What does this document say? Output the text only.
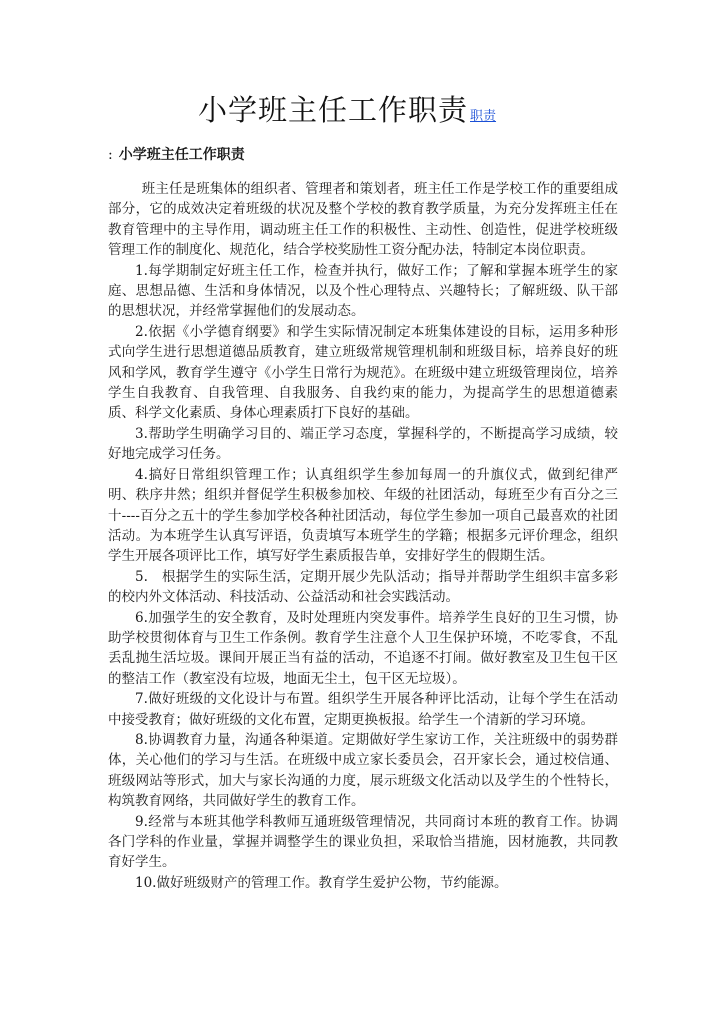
小学班主任工作职责 职责
: 小学班主任工作职责

班主任是班集体的组织者、管理者和策划者，班主任工作是学校工作的重要组成部分，它的成效决定着班级的状况及整个学校的教育教学质量，为充分发挥班主任在教育管理中的主导作用，调动班主任工作的积极性、主动性、创造性，促进学校班级管理工作的制度化、规范化，结合学校奖励性工资分配办法，特制定本岗位职责。

1.每学期制定好班主任工作，检查并执行，做好工作；了解和掌握本班学生的家庭、思想品德、生活和身体情况，以及个性心理特点、兴趣特长；了解班级、队干部的思想状况，并经常掌握他们的发展动态。

2.依据《小学德育纲要》和学生实际情况制定本班集体建设的目标，运用多种形式向学生进行思想道德品质教育，建立班级常规管理机制和班级目标，培养良好的班风和学风，教育学生遵守《小学生日常行为规范》。在班级中建立班级管理岗位，培养学生自我教育、自我管理、自我服务、自我约束的能力，为提高学生的思想道德素质、科学文化素质、身体心理素质打下良好的基础。

3.帮助学生明确学习目的、端正学习态度，掌握科学的，不断提高学习成绩，较好地完成学习任务。

4.搞好日常组织管理工作；认真组织学生参加每周一的升旗仪式，做到纪律严明、秩序井然；组织并督促学生积极参加校、年级的社团活动，每班至少有百分之三十----百分之五十的学生参加学校各种社团活动，每位学生参加一项自己最喜欢的社团活动。为本班学生认真写评语，负责填写本班学生的学籍；根据多元评价理念，组织学生开展各项评比工作，填写好学生素质报告单，安排好学生的假期生活。

5.　根据学生的实际生活，定期开展少先队活动；指导并帮助学生组织丰富多彩的校内外文体活动、科技活动、公益活动和社会实践活动。

6.加强学生的安全教育，及时处理班内突发事件。培养学生良好的卫生习惯，协助学校贯彻体育与卫生工作条例。教育学生注意个人卫生保护环境，不吃零食，不乱丢乱抛生活垃圾。课间开展正当有益的活动，不追逐不打闹。做好教室及卫生包干区的整洁工作（教室没有垃圾，地面无尘土，包干区无垃圾）。

7.做好班级的文化设计与布置。组织学生开展各种评比活动，让每个学生在活动中接受教育；做好班级的文化布置，定期更换板报。给学生一个清新的学习环境。

8.协调教育力量，沟通各种渠道。定期做好学生家访工作，关注班级中的弱势群体，关心他们的学习与生活。在班级中成立家长委员会，召开家长会，通过校信通、班级网站等形式，加大与家长沟通的力度，展示班级文化活动以及学生的个性特长，构筑教育网络，共同做好学生的教育工作。

9.经常与本班其他学科教师互通班级管理情况，共同商讨本班的教育工作。协调各门学科的作业量，掌握并调整学生的课业负担，采取恰当措施，因材施教，共同教育好学生。

10.做好班级财产的管理工作。教育学生爱护公物，节约能源。
